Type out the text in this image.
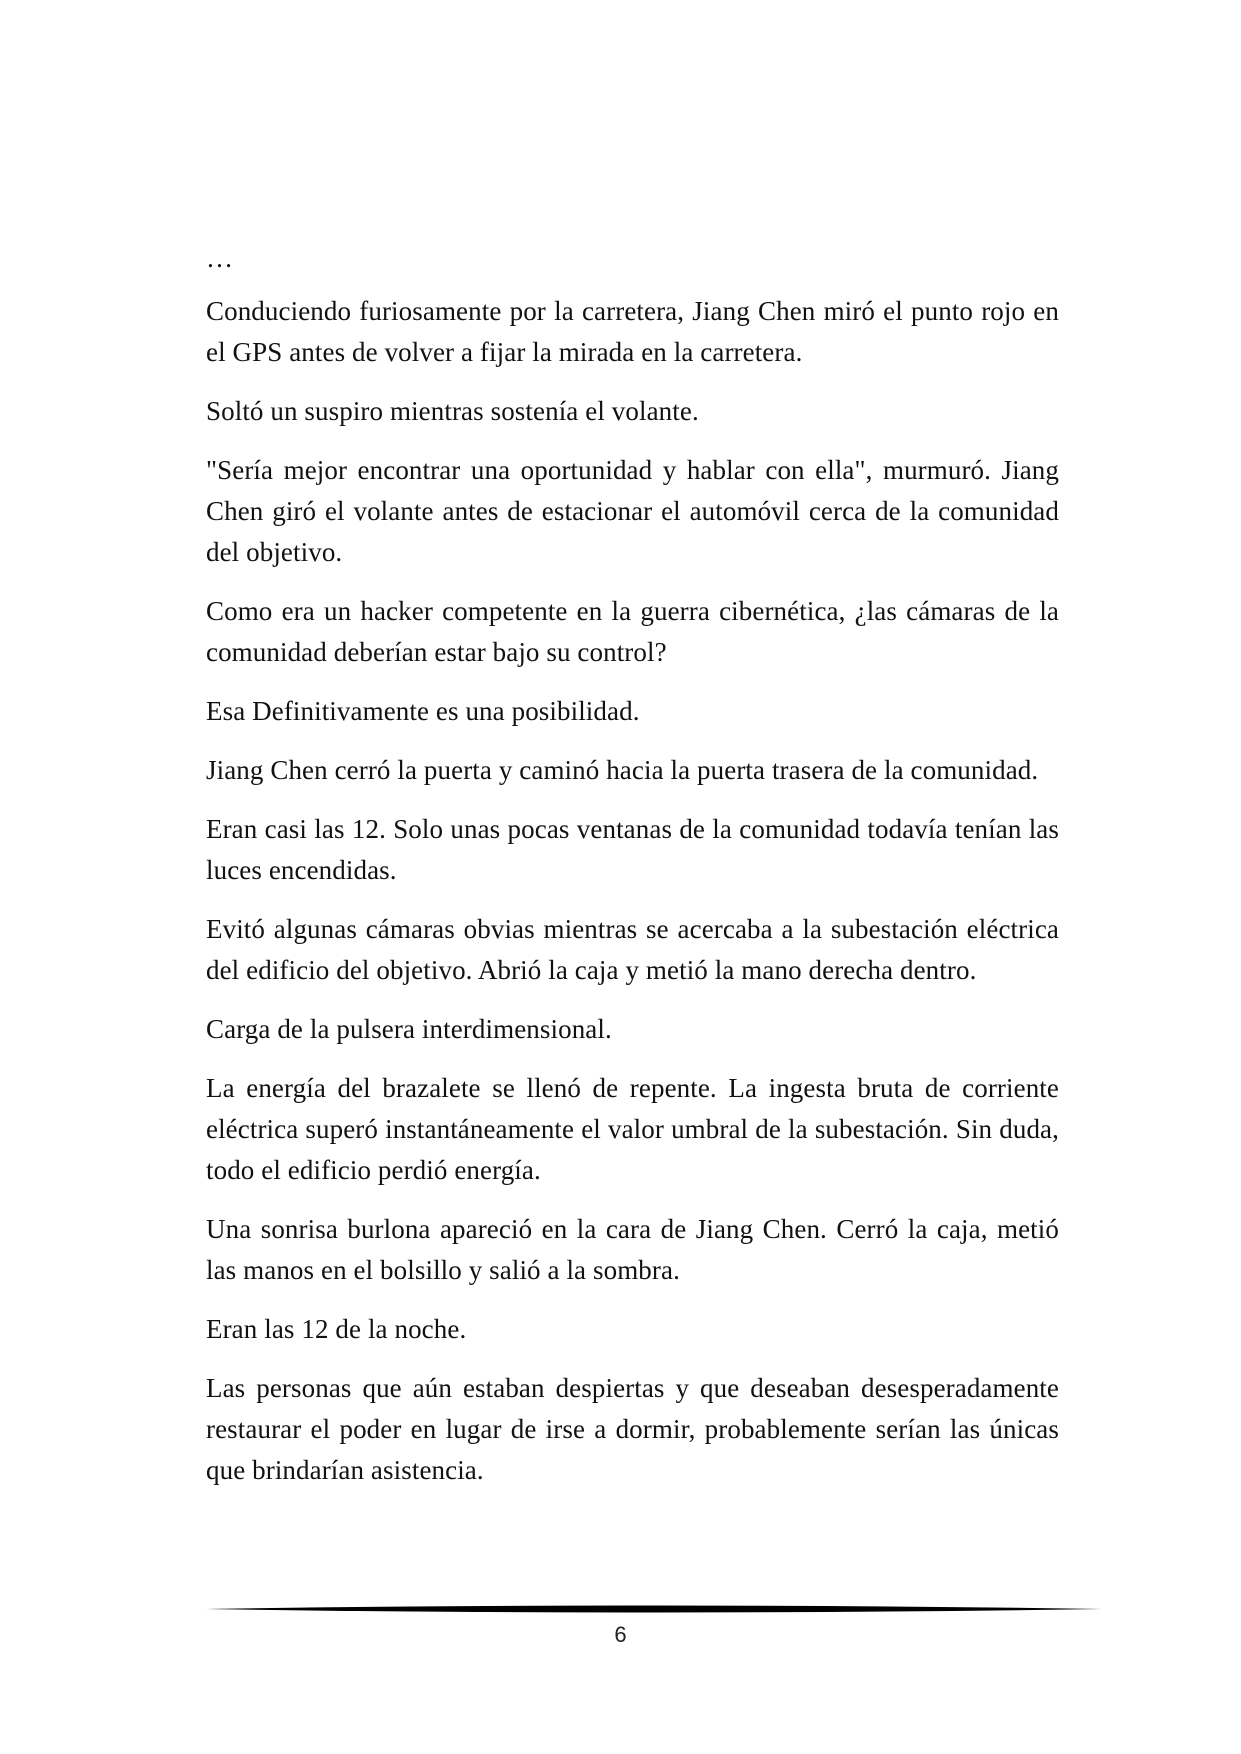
…

Conduciendo furiosamente por la carretera, Jiang Chen miró el punto rojo en el GPS antes de volver a fijar la mirada en la carretera.

Soltó un suspiro mientras sostenía el volante.

"Sería mejor encontrar una oportunidad y hablar con ella", murmuró. Jiang Chen giró el volante antes de estacionar el automóvil cerca de la comunidad del objetivo.

Como era un hacker competente en la guerra cibernética, ¿las cámaras de la comunidad deberían estar bajo su control?

Esa Definitivamente es una posibilidad.

Jiang Chen cerró la puerta y caminó hacia la puerta trasera de la comunidad.

Eran casi las 12. Solo unas pocas ventanas de la comunidad todavía tenían las luces encendidas.

Evitó algunas cámaras obvias mientras se acercaba a la subestación eléctrica del edificio del objetivo. Abrió la caja y metió la mano derecha dentro.

Carga de la pulsera interdimensional.

La energía del brazalete se llenó de repente. La ingesta bruta de corriente eléctrica superó instantáneamente el valor umbral de la subestación. Sin duda, todo el edificio perdió energía.

Una sonrisa burlona apareció en la cara de Jiang Chen. Cerró la caja, metió las manos en el bolsillo y salió a la sombra.

Eran las 12 de la noche.

Las personas que aún estaban despiertas y que deseaban desesperadamente restaurar el poder en lugar de irse a dormir, probablemente serían las únicas que brindarían asistencia.

6
